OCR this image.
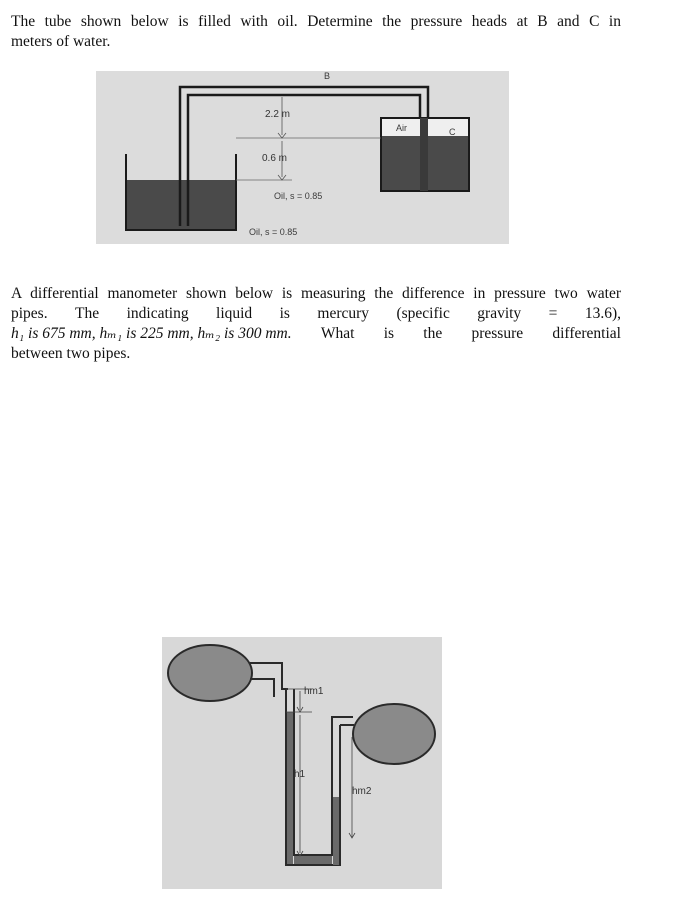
The tube shown below is filled with oil. Determine the pressure heads at B and C in
meters of water.
B
2.2 m
0.6 m
Air	C
Oil, s = 0.85
Oil, s = 0.85
A differential manometer shown below is measuring the difference in pressure two water
pipes. The indicating liquid is mercury (specific gravity = 13.6),
h₁ is 675 mm, hₘ₁ is 225 mm, hₘ₂ is 300 mm. What is the pressure differential
between two pipes.
hm1
h1
hm2
